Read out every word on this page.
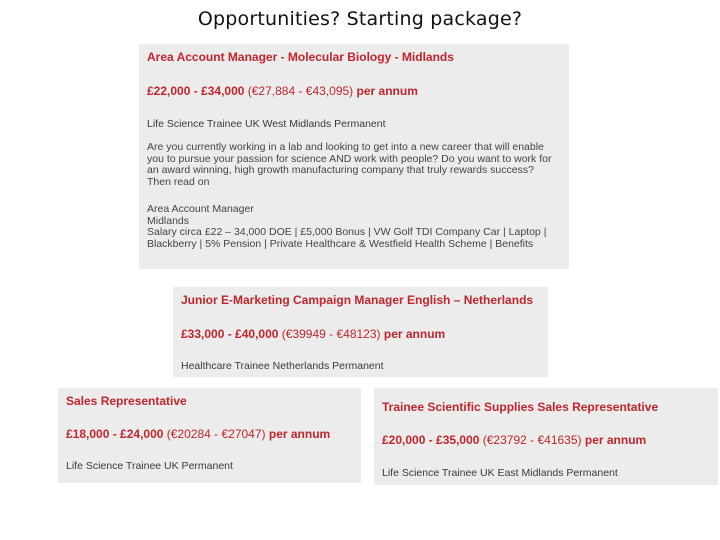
Opportunities? Starting package?
Area Account Manager - Molecular Biology - Midlands
£22,000 - £34,000 (€27,884 - €43,095) per annum
Life Science Trainee UK West Midlands Permanent
Are you currently working in a lab and looking to get into a new career that will enable you to pursue your passion for science AND work with people? Do you want to work for an award winning, high growth manufacturing company that truly rewards success? Then read on
Area Account Manager
Midlands
Salary circa £22 – 34,000 DOE | £5,000 Bonus | VW Golf TDI Company Car | Laptop | Blackberry | 5% Pension | Private Healthcare & Westfield Health Scheme | Benefits
Junior E-Marketing Campaign Manager English – Netherlands
£33,000 - £40,000 (€39949 - €48123) per annum
Healthcare Trainee Netherlands Permanent
Sales Representative
£18,000 - £24,000 (€20284 - €27047) per annum
Life Science Trainee UK Permanent
Trainee Scientific Supplies Sales Representative
£20,000 - £35,000 (€23792 - €41635) per annum
Life Science Trainee UK East Midlands Permanent
